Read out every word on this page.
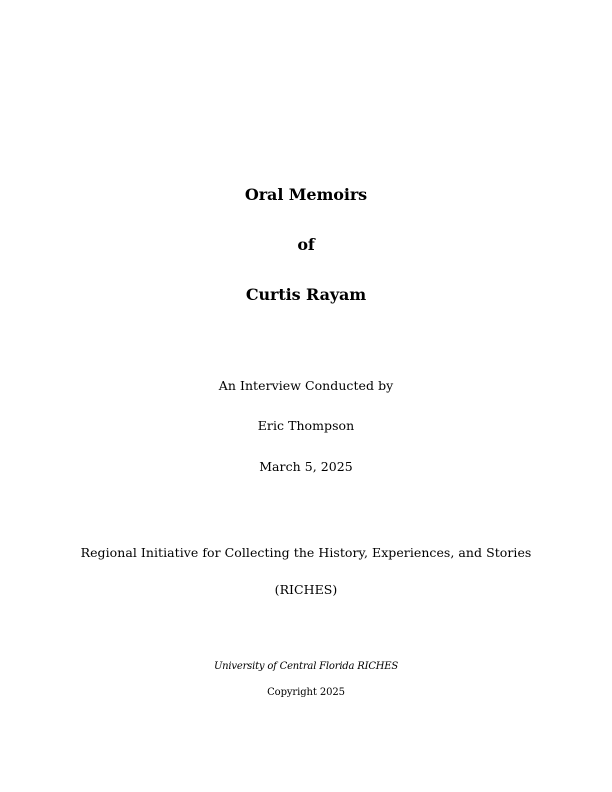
Oral Memoirs
of
Curtis Rayam
An Interview Conducted by
Eric Thompson
March 5, 2025
Regional Initiative for Collecting the History, Experiences, and Stories
(RICHES)
University of Central Florida RICHES
Copyright 2025
